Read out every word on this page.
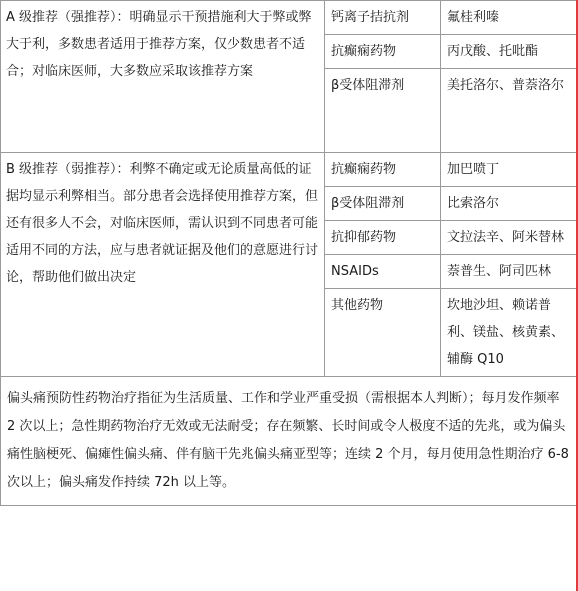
A 级推荐（强推荐）：明确显示干预措施利大于弊或弊大于利，多数患者适用于推荐方案，仅少数患者不适合；对临床医师，大多数应采取该推荐方案	钙离子拮抗剂	氟桂利嗪
	抗癫痫药物	丙戊酸、托吡酯
	β受体阻滞剂	美托洛尔、普萘洛尔
B 级推荐（弱推荐）：利弊不确定或无论质量高低的证据均显示利弊相当。部分患者会选择使用推荐方案，但还有很多人不会，对临床医师，需认识到不同患者可能适用不同的方法，应与患者就证据及他们的意愿进行讨论，帮助他们做出决定	抗癫痫药物	加巴喷丁
	β受体阻滞剂	比索洛尔
	抗抑郁药物	文拉法辛、阿米替林
	NSAIDs	萘普生、阿司匹林
	其他药物	坎地沙坦、赖诺普利、镁盐、核黄素、辅酶 Q10
偏头痛预防性药物治疗指征为生活质量、工作和学业严重受损（需根据本人判断）；每月发作频率 2 次以上；急性期药物治疗无效或无法耐受；存在频繁、长时间或令人极度不适的先兆，或为偏头痛性脑梗死、偏瘫性偏头痛、伴有脑干先兆偏头痛亚型等；连续 2 个月，每月使用急性期治疗 6-8 次以上；偏头痛发作持续 72h 以上等。		
